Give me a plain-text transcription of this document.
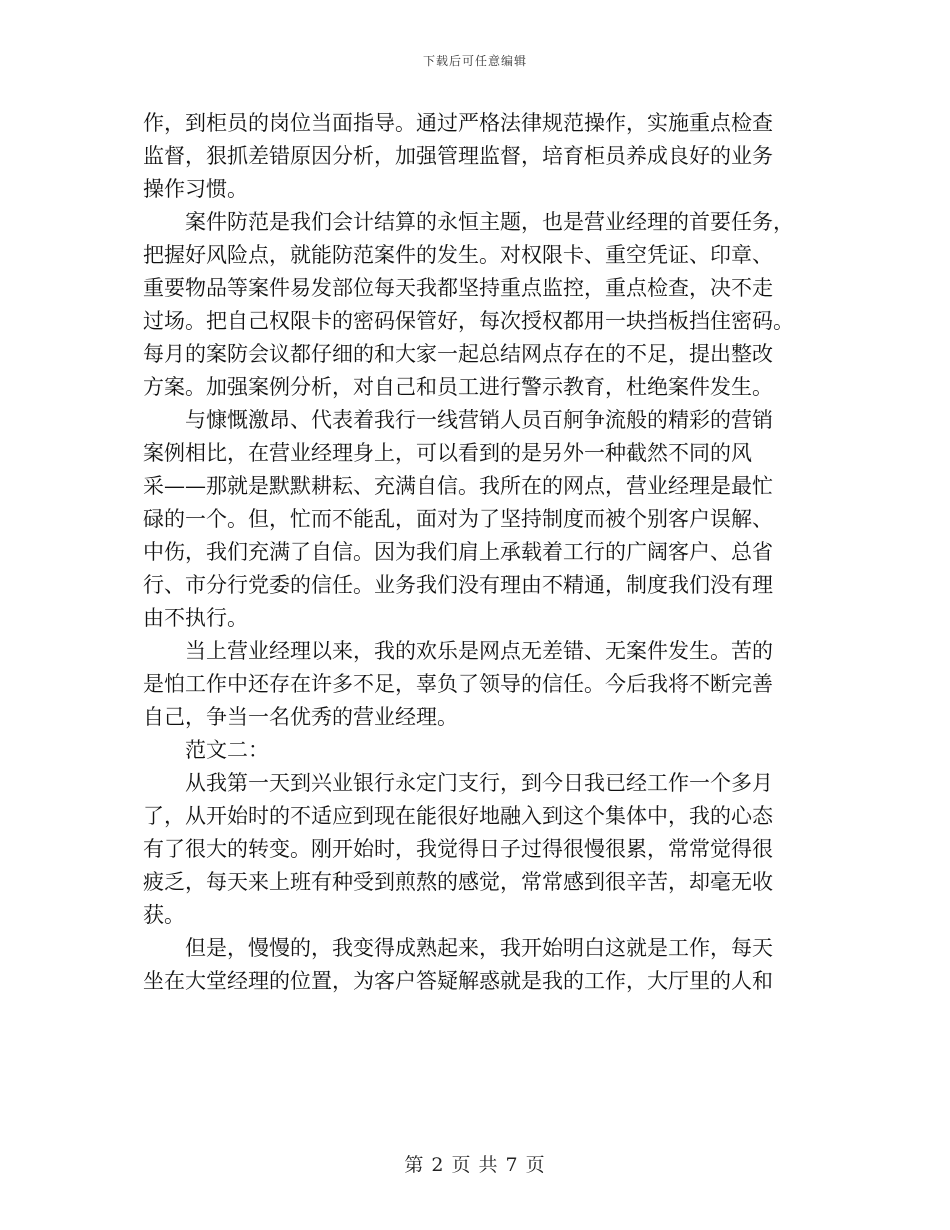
下载后可任意编辑
作，到柜员的岗位当面指导。通过严格法律规范操作，实施重点检查
监督，狠抓差错原因分析，加强管理监督，培育柜员养成良好的业务
操作习惯。
案件防范是我们会计结算的永恒主题，也是营业经理的首要任务，
把握好风险点，就能防范案件的发生。对权限卡、重空凭证、印章、
重要物品等案件易发部位每天我都坚持重点监控，重点检查，决不走
过场。把自己权限卡的密码保管好，每次授权都用一块挡板挡住密码。
每月的案防会议都仔细的和大家一起总结网点存在的不足，提出整改
方案。加强案例分析，对自己和员工进行警示教育，杜绝案件发生。
与慷慨激昂、代表着我行一线营销人员百舸争流般的精彩的营销
案例相比，在营业经理身上，可以看到的是另外一种截然不同的风
采——那就是默默耕耘、充满自信。我所在的网点，营业经理是最忙
碌的一个。但，忙而不能乱，面对为了坚持制度而被个别客户误解、
中伤，我们充满了自信。因为我们肩上承载着工行的广阔客户、总省
行、市分行党委的信任。业务我们没有理由不精通，制度我们没有理
由不执行。
当上营业经理以来，我的欢乐是网点无差错、无案件发生。苦的
是怕工作中还存在许多不足，辜负了领导的信任。今后我将不断完善
自己，争当一名优秀的营业经理。
范文二：
从我第一天到兴业银行永定门支行，到今日我已经工作一个多月
了，从开始时的不适应到现在能很好地融入到这个集体中，我的心态
有了很大的转变。刚开始时，我觉得日子过得很慢很累，常常觉得很
疲乏，每天来上班有种受到煎熬的感觉，常常感到很辛苦，却毫无收
获。
但是，慢慢的，我变得成熟起来，我开始明白这就是工作，每天
坐在大堂经理的位置，为客户答疑解惑就是我的工作，大厅里的人和
第 2 页 共 7 页
